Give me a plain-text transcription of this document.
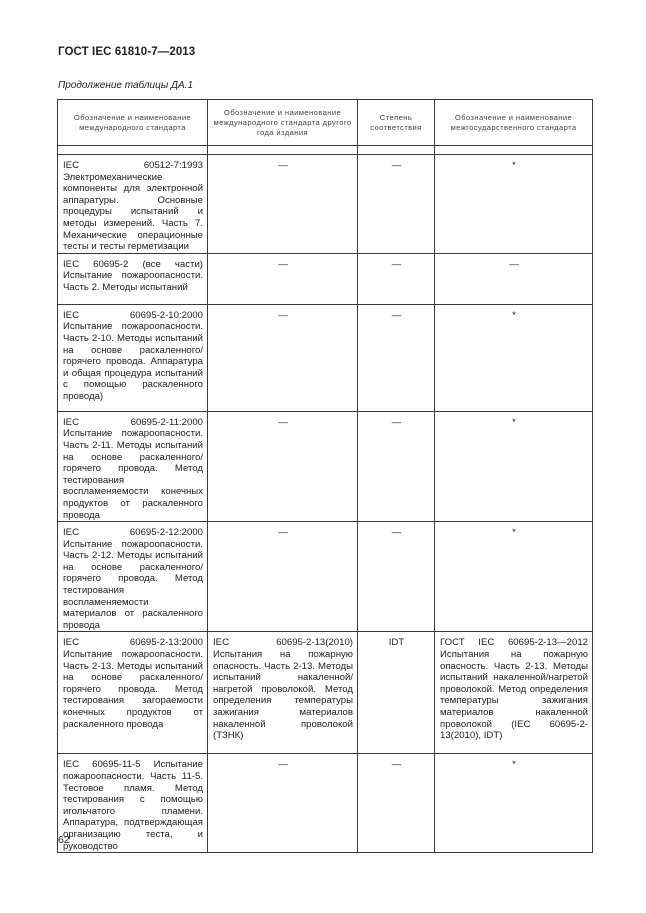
ГОСТ IEC 61810-7—2013
Продолжение таблицы ДА.1
Обозначение и наименование международного стандарта	Обозначение и наименование международного стандарта другого года издания	Степень соответствия	Обозначение и наименование межгосударственного стандарта

IEC 60512-7:1993 Электромеханические компоненты для электронной аппаратуры. Основные процедуры испытаний и методы измерений. Часть 7. Механические операционные тесты и тесты герметизации	—	—	*
IEC 60695-2 (все части) Испытание пожароопасности. Часть 2. Методы испытаний	—	—	—
IEC 60695-2-10:2000 Испытание пожароопасности. Часть 2-10. Методы испытаний на основе раскаленного/горячего провода. Аппаратура и общая процедура испытаний с помощью раскаленного провода)	—	—	*
IEC 60695-2-11:2000 Испытание пожароопасности. Часть 2-11. Методы испытаний на основе раскаленного/горячего провода. Метод тестирования воспламеняемости конечных продуктов от раскаленного провода	—	—	*
IEC 60695-2-12:2000 Испытание пожароопасности. Часть 2-12. Методы испытаний на основе раскаленного/горячего провода. Метод тестирования воспламеняемости материалов от раскаленного провода	—	—	*
IEC 60695-2-13:2000 Испытание пожароопасности. Часть 2-13. Методы испытаний на основе раскаленного/горячего провода. Метод тестирования загораемости конечных продуктов от раскаленного провода	IEC 60695-2-13(2010) Испытания на пожарную опасность. Часть 2-13. Методы испытаний накаленной/нагретой проволокой. Метод определения температуры зажигания материалов накаленной проволокой (ТЗНК)	IDT	ГОСТ IEC 60695-2-13—2012 Испытания на пожарную опасность. Часть 2-13. Методы испытаний накаленной/нагретой проволокой. Метод определения температуры зажигания материалов накаленной проволокой (IEC 60695-2-13(2010), IDT)
IEC 60695-11-5 Испытание пожароопасности. Часть 11-5. Тестовое пламя. Метод тестирования с помощью игольчатого пламени. Аппаратура, подтверждающая организацию теста, и руководство	—	—	*
62
